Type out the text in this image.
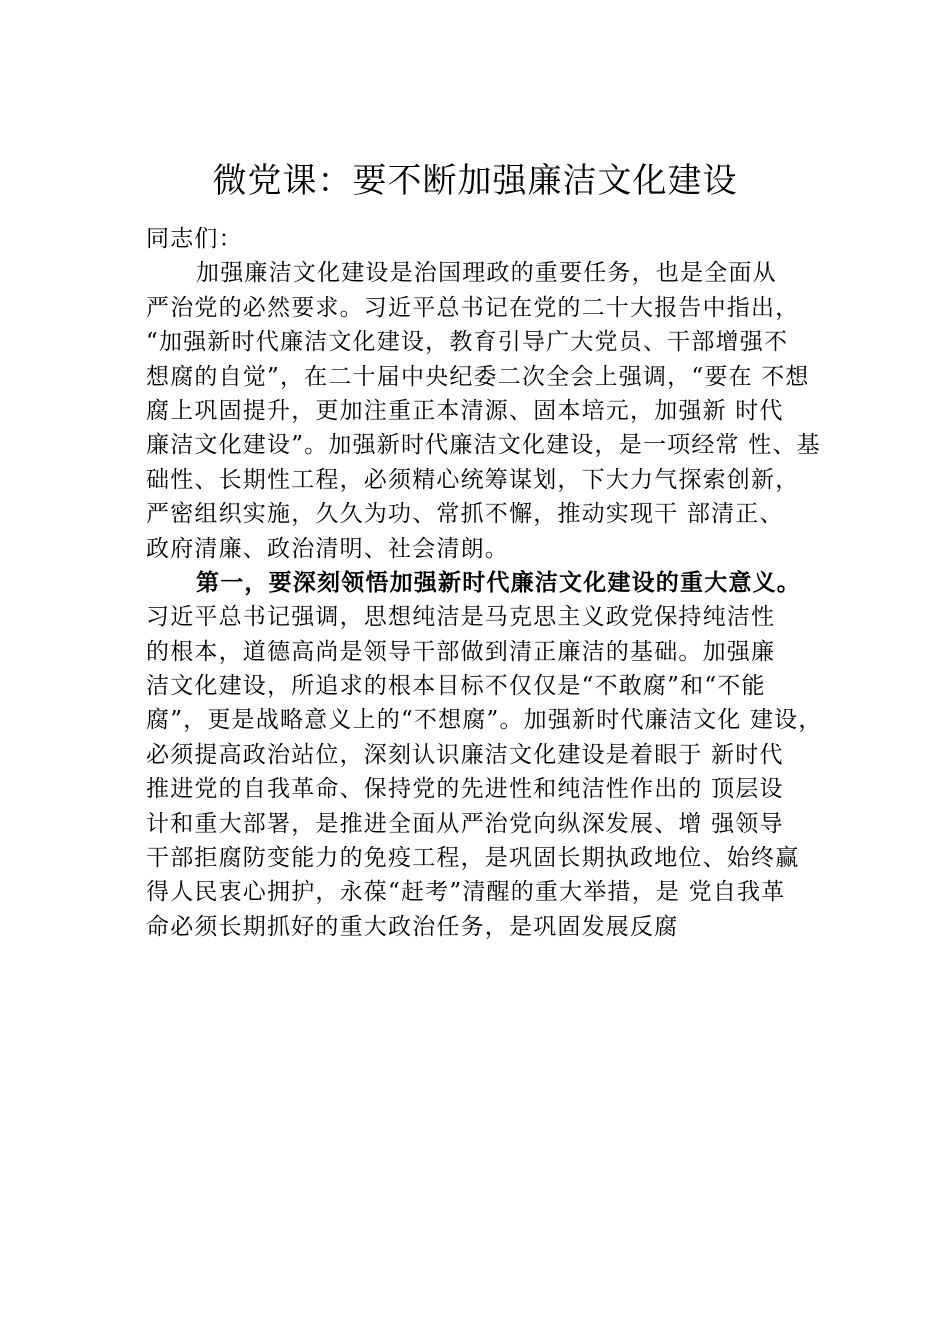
微党课：要不断加强廉洁文化建设
同志们：
加强廉洁文化建设是治国理政的重要任务，也是全面从
严治党的必然要求。习近平总书记在党的二十大报告中指出，
“加强新时代廉洁文化建设，教育引导广大党员、干部增强不
想腐的自觉”，在二十届中央纪委二次全会上强调，“要在 不想
腐上巩固提升，更加注重正本清源、固本培元，加强新 时代
廉洁文化建设”。加强新时代廉洁文化建设，是一项经常 性、基
础性、长期性工程，必须精心统筹谋划，下大力气探索创新，
严密组织实施，久久为功、常抓不懈，推动实现干 部清正、
政府清廉、政治清明、社会清朗。
第一，要深刻领悟加强新时代廉洁文化建设的重大意义。
习近平总书记强调，思想纯洁是马克思主义政党保持纯洁性
的根本，道德高尚是领导干部做到清正廉洁的基础。加强廉
洁文化建设，所追求的根本目标不仅仅是“不敢腐”和“不能
腐”，更是战略意义上的“不想腐”。加强新时代廉洁文化 建设，
必须提高政治站位，深刻认识廉洁文化建设是着眼于 新时代
推进党的自我革命、保持党的先进性和纯洁性作出的 顶层设
计和重大部署，是推进全面从严治党向纵深发展、增 强领导
干部拒腐防变能力的免疫工程，是巩固长期执政地位、始终赢
得人民衷心拥护，永葆“赶考”清醒的重大举措，是 党自我革
命必须长期抓好的重大政治任务，是巩固发展反腐
